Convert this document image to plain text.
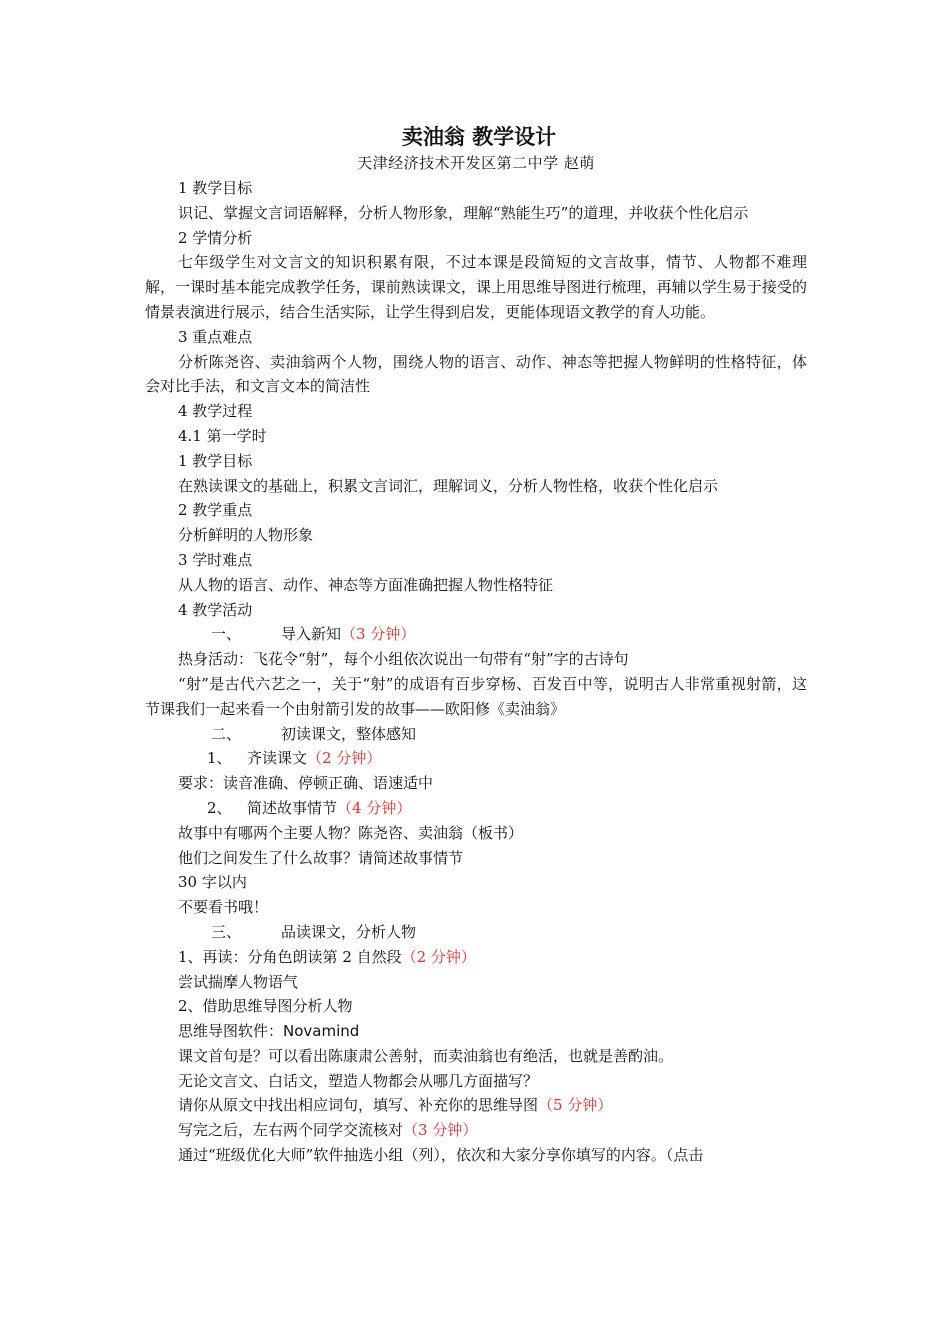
卖油翁 教学设计

天津经济技术开发区第二中学 赵萌

1 教学目标

识记、掌握文言词语解释，分析人物形象，理解“熟能生巧”的道理，并收获个性化启示

2 学情分析

七年级学生对文言文的知识积累有限，不过本课是段简短的文言故事，情节、人物都不难理解，一课时基本能完成教学任务，课前熟读课文，课上用思维导图进行梳理，再辅以学生易于接受的情景表演进行展示，结合生活实际，让学生得到启发，更能体现语文教学的育人功能。

3 重点难点

分析陈尧咨、卖油翁两个人物，围绕人物的语言、动作、神态等把握人物鲜明的性格特征，体会对比手法，和文言文本的简洁性

4 教学过程

4.1 第一学时

1 教学目标

在熟读课文的基础上，积累文言词汇，理解词义，分析人物性格，收获个性化启示

2 教学重点

分析鲜明的人物形象

3 学时难点

从人物的语言、动作、神态等方面准确把握人物性格特征

4 教学活动

一、	导入新知（3 分钟）

热身活动：飞花令“射”，每个小组依次说出一句带有“射”字的古诗句

“射”是古代六艺之一，关于“射”的成语有百步穿杨、百发百中等，说明古人非常重视射箭，这节课我们一起来看一个由射箭引发的故事——欧阳修《卖油翁》

二、	初读课文，整体感知

1、 齐读课文（2 分钟）

要求：读音准确、停顿正确、语速适中

2、 简述故事情节（4 分钟）

故事中有哪两个主要人物？陈尧咨、卖油翁（板书）

他们之间发生了什么故事？请简述故事情节

30 字以内

不要看书哦！

三、	品读课文，分析人物

1、再读：分角色朗读第 2 自然段（2 分钟）

尝试揣摩人物语气

2、借助思维导图分析人物

思维导图软件：Novamind

课文首句是？可以看出陈康肃公善射，而卖油翁也有绝活，也就是善酌油。

无论文言文、白话文，塑造人物都会从哪几方面描写？

请你从原文中找出相应词句，填写、补充你的思维导图（5 分钟）

写完之后，左右两个同学交流核对（3 分钟）

通过“班级优化大师”软件抽选小组（列），依次和大家分享你填写的内容。（点击
